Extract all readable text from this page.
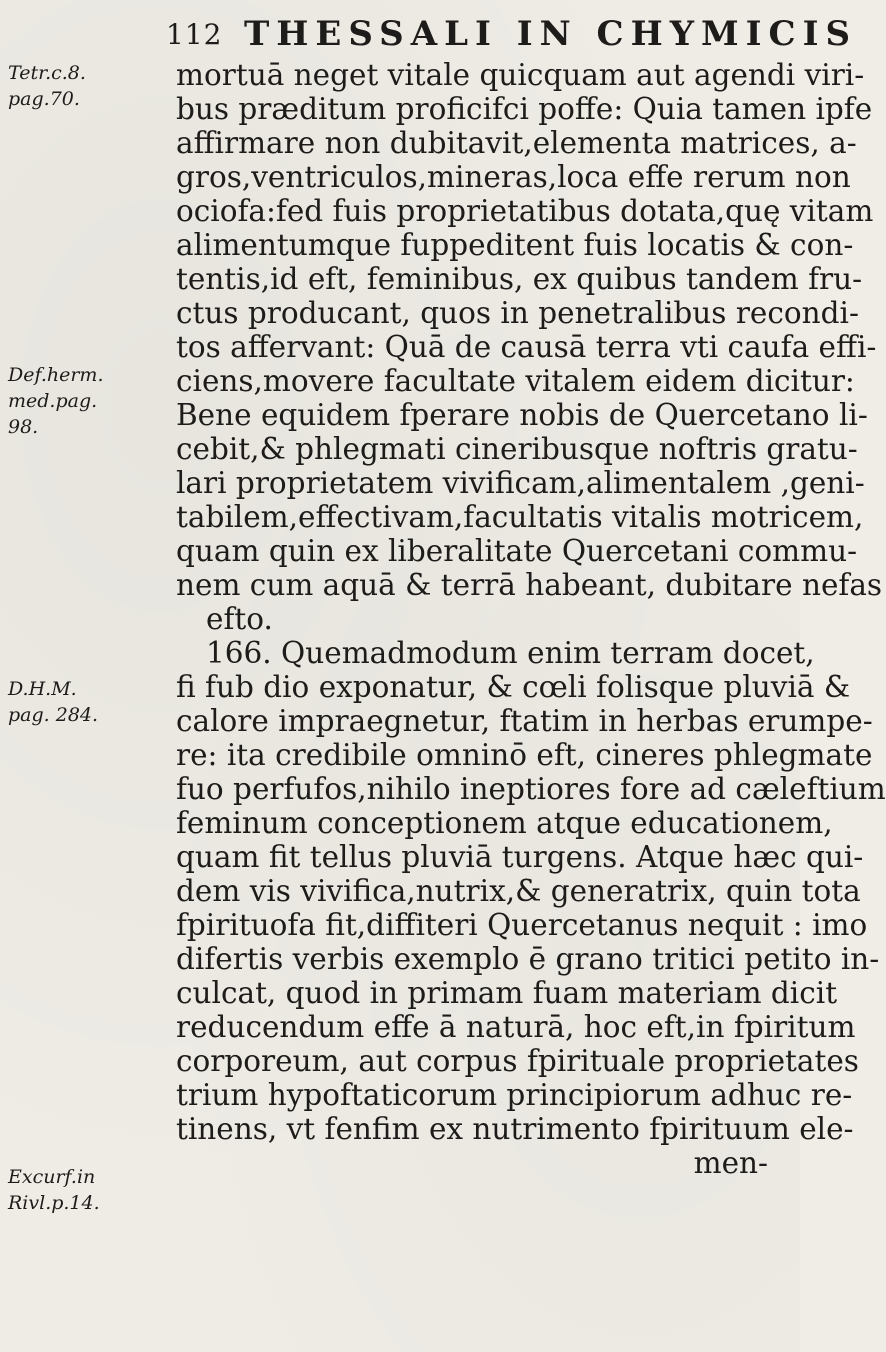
112 THESSALI IN CHYMICIS
Tetr.c.8.
pag.70.
Def.herm.
med.pag.
98.
D.H.M.
pag. 284.
Excurf.in
Rivl.p.14.
mortuā neget vitale quicquam aut agendi viri-
bus præditum proficifci poffe: Quia tamen ipfe
affirmare non dubitavit,elementa matrices, a-
gros,ventriculos,mineras,loca effe rerum non
ociofa:fed fuis proprietatibus dotata,quę vitam
alimentumque fuppeditent fuis locatis & con-
tentis,id eft, feminibus, ex quibus tandem fru-
ctus producant, quos in penetralibus recondi-
tos affervant: Quā de causā terra vti caufa effi-
ciens,movere facultate vitalem eidem dicitur:
Bene equidem fperare nobis de Quercetano li-
cebit,& phlegmati cineribusque noftris gratu-
lari proprietatem vivificam,alimentalem ,geni-
tabilem,effectivam,facultatis vitalis motricem,
quam quin ex liberalitate Quercetani commu-
nem cum aquā & terrā habeant, dubitare nefas
efto.
166. Quemadmodum enim terram docet,
fi fub dio exponatur, & cœli folisque pluviā &
calore impraegnetur, ftatim in herbas erumpe-
re: ita credibile omninō eft, cineres phlegmate
fuo perfufos,nihilo ineptiores fore ad cæleftium
feminum conceptionem atque educationem,
quam fit tellus pluviā turgens. Atque hæc qui-
dem vis vivifica,nutrix,& generatrix, quin tota
fpirituofa fit,diffiteri Quercetanus nequit : imo
difertis verbis exemplo ē grano tritici petito in-
culcat, quod in primam fuam materiam dicit
reducendum effe ā naturā, hoc eft,in fpiritum
corporeum, aut corpus fpirituale proprietates
trium hypoftaticorum principiorum adhuc re-
tinens, vt fenfim ex nutrimento fpirituum ele-
men-
